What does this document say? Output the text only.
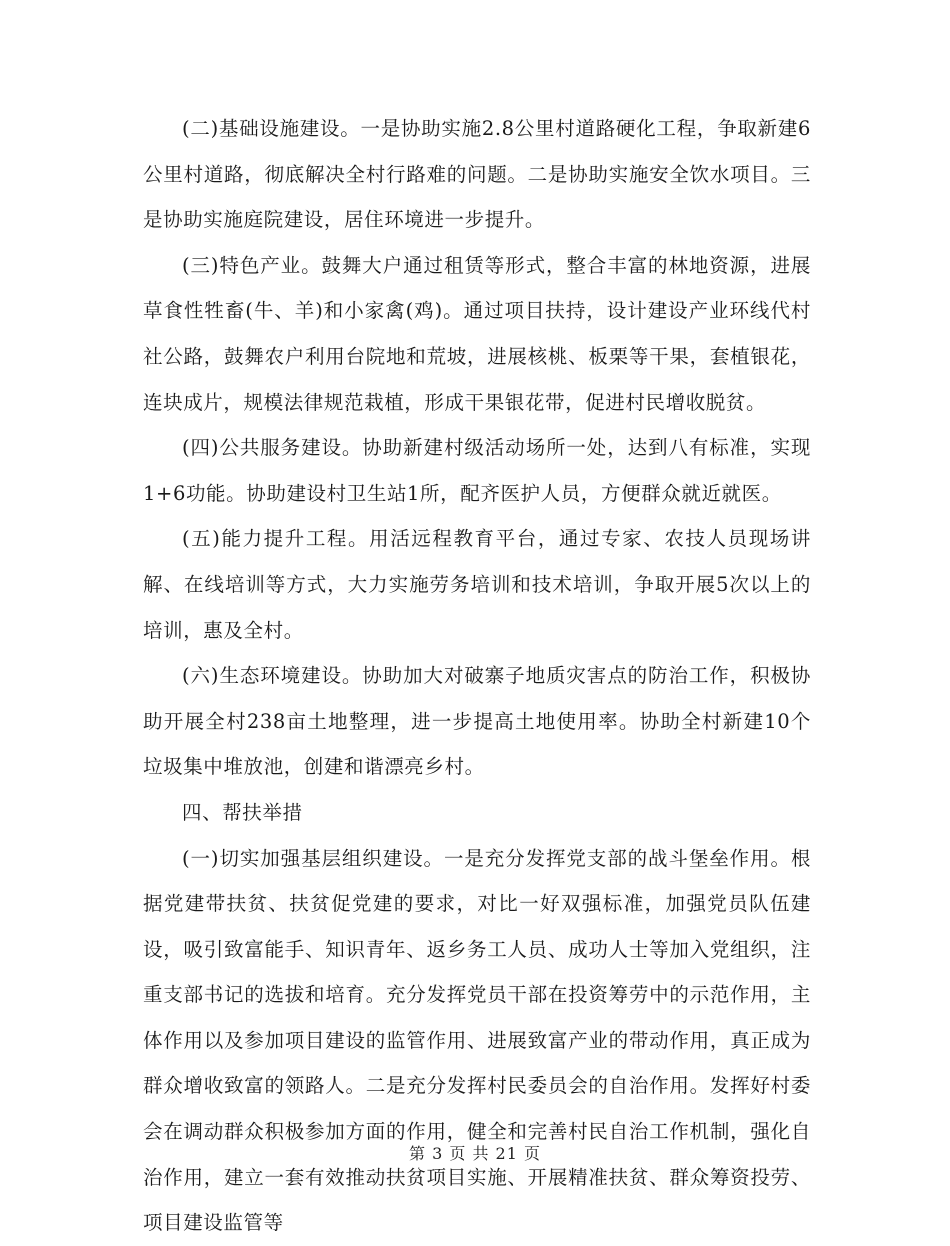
(二)基础设施建设。一是协助实施2.8公里村道路硬化工程，争取新建6公里村道路，彻底解决全村行路难的问题。二是协助实施安全饮水项目。三是协助实施庭院建设，居住环境进一步提升。

(三)特色产业。鼓舞大户通过租赁等形式，整合丰富的林地资源，进展草食性牲畜(牛、羊)和小家禽(鸡)。通过项目扶持，设计建设产业环线代村社公路，鼓舞农户利用台院地和荒坡，进展核桃、板栗等干果，套植银花，连块成片，规模法律规范栽植，形成干果银花带，促进村民增收脱贫。

(四)公共服务建设。协助新建村级活动场所一处，达到八有标准，实现1+6功能。协助建设村卫生站1所，配齐医护人员，方便群众就近就医。

(五)能力提升工程。用活远程教育平台，通过专家、农技人员现场讲解、在线培训等方式，大力实施劳务培训和技术培训，争取开展5次以上的培训，惠及全村。

(六)生态环境建设。协助加大对破寨子地质灾害点的防治工作，积极协助开展全村238亩土地整理，进一步提高土地使用率。协助全村新建10个垃圾集中堆放池，创建和谐漂亮乡村。

四、帮扶举措

(一)切实加强基层组织建设。一是充分发挥党支部的战斗堡垒作用。根据党建带扶贫、扶贫促党建的要求，对比一好双强标准，加强党员队伍建设，吸引致富能手、知识青年、返乡务工人员、成功人士等加入党组织，注重支部书记的选拔和培育。充分发挥党员干部在投资筹劳中的示范作用，主体作用以及参加项目建设的监管作用、进展致富产业的带动作用，真正成为群众增收致富的领路人。二是充分发挥村民委员会的自治作用。发挥好村委会在调动群众积极参加方面的作用，健全和完善村民自治工作机制，强化自治作用，建立一套有效推动扶贫项目实施、开展精准扶贫、群众筹资投劳、项目建设监管等

第 3 页 共 21 页
